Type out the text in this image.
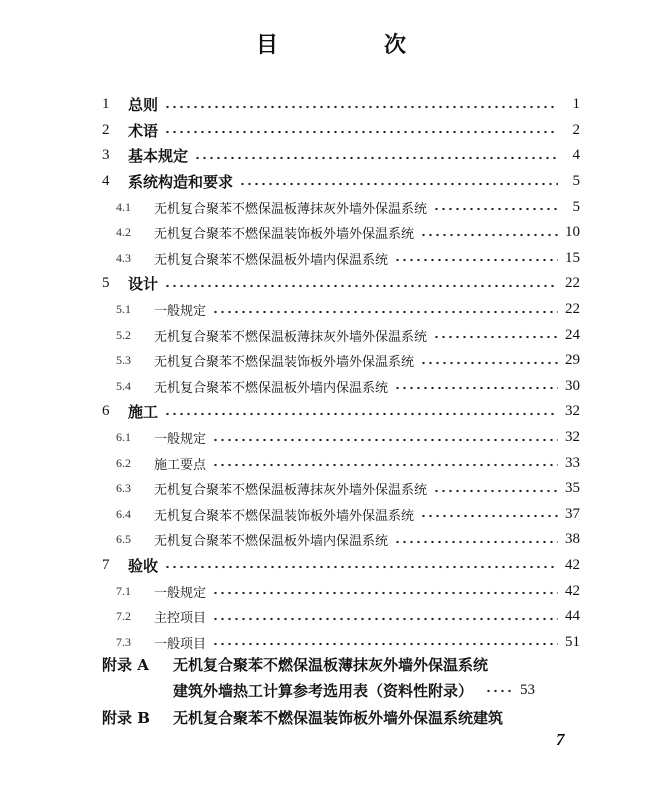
目　次
1	总则	1
2	术语	2
3	基本规定	4
4	系统构造和要求	5
4.1	无机复合聚苯不燃保温板薄抹灰外墙外保温系统	5
4.2	无机复合聚苯不燃保温装饰板外墙外保温系统	10
4.3	无机复合聚苯不燃保温板外墙内保温系统	15
5	设计	22
5.1	一般规定	22
5.2	无机复合聚苯不燃保温板薄抹灰外墙外保温系统	24
5.3	无机复合聚苯不燃保温装饰板外墙外保温系统	29
5.4	无机复合聚苯不燃保温板外墙内保温系统	30
6	施工	32
6.1	一般规定	32
6.2	施工要点	33
6.3	无机复合聚苯不燃保温板薄抹灰外墙外保温系统	35
6.4	无机复合聚苯不燃保温装饰板外墙外保温系统	37
6.5	无机复合聚苯不燃保温板外墙内保温系统	38
7	验收	42
7.1	一般规定	42
7.2	主控项目	44
7.3	一般项目	51
附录 A	无机复合聚苯不燃保温板薄抹灰外墙外保温系统
建筑外墙热工计算参考选用表（资料性附录）	53
附录 B	无机复合聚苯不燃保温装饰板外墙外保温系统建筑
7
